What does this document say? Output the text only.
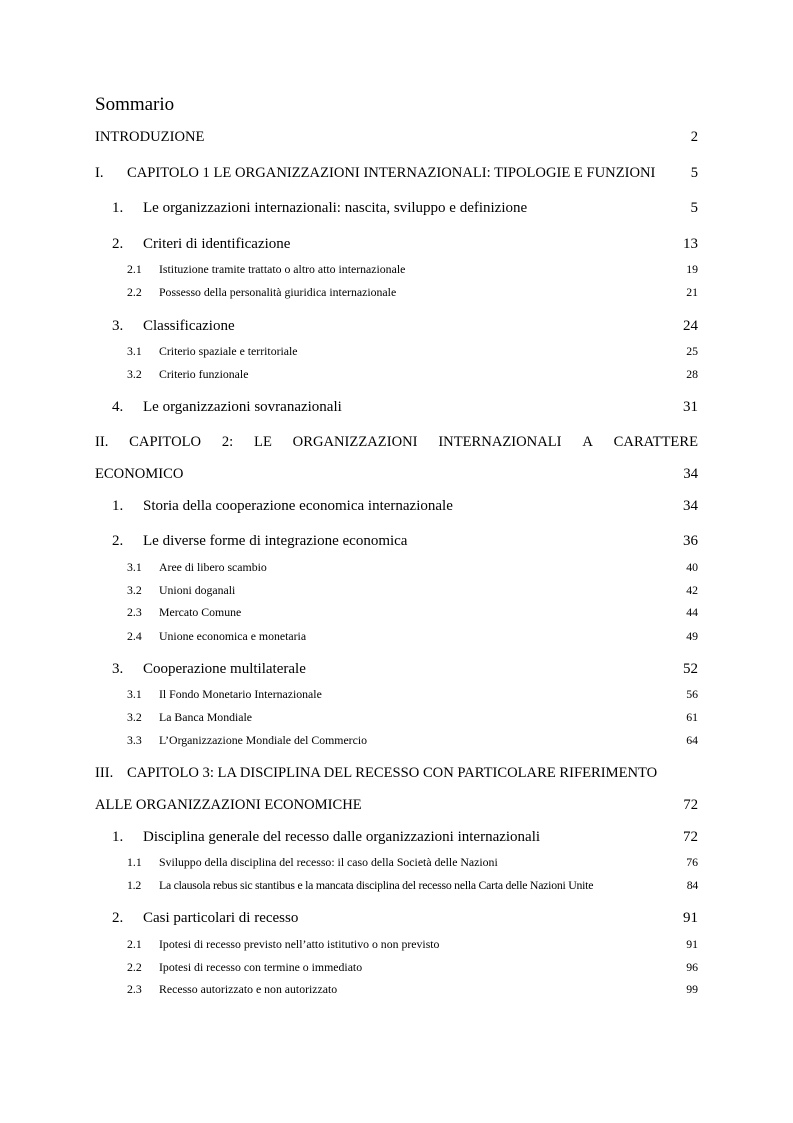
Sommario
INTRODUZIONE	2
I. CAPITOLO 1 LE ORGANIZZAZIONI INTERNAZIONALI: TIPOLOGIE E FUNZIONI	5
1. Le organizzazioni internazionali: nascita, sviluppo e definizione	5
2. Criteri di identificazione	13
2.1 Istituzione tramite trattato o altro atto internazionale	19
2.2 Possesso della personalità giuridica internazionale	21
3. Classificazione	24
3.1 Criterio spaziale e territoriale	25
3.2 Criterio funzionale	28
4. Le organizzazioni sovranazionali	31
II. CAPITOLO 2: LE ORGANIZZAZIONI INTERNAZIONALI A CARATTERE
ECONOMICO	34
1. Storia della cooperazione economica internazionale	34
2. Le diverse forme di integrazione economica	36
3.1 Aree di libero scambio	40
3.2 Unioni doganali	42
2.3 Mercato Comune	44
2.4 Unione economica e monetaria	49
3. Cooperazione multilaterale	52
3.1 Il Fondo Monetario Internazionale	56
3.2 La Banca Mondiale	61
3.3 L’Organizzazione Mondiale del Commercio	64
III. CAPITOLO 3: LA DISCIPLINA DEL RECESSO CON PARTICOLARE RIFERIMENTO
ALLE ORGANIZZAZIONI ECONOMICHE	72
1. Disciplina generale del recesso dalle organizzazioni internazionali	72
1.1 Sviluppo della disciplina del recesso: il caso della Società delle Nazioni	76
1.2 La clausola rebus sic stantibus e la mancata disciplina del recesso nella Carta delle Nazioni Unite	84
2. Casi particolari di recesso	91
2.1 Ipotesi di recesso previsto nell’atto istitutivo o non previsto	91
2.2 Ipotesi di recesso con termine o immediato	96
2.3 Recesso autorizzato e non autorizzato	99
